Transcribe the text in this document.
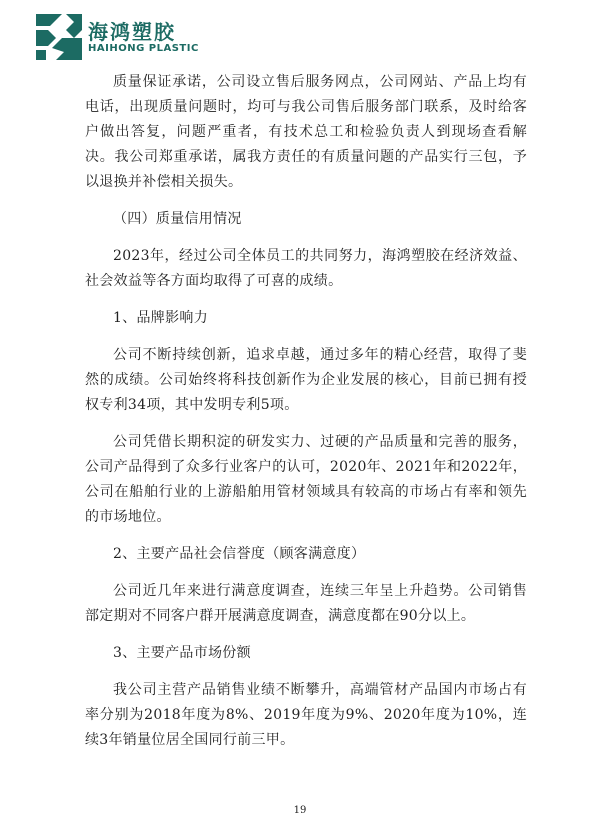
海鸿塑胶
HAIHONG PLASTIC

质量保证承诺，公司设立售后服务网点，公司网站、产品上均有电话，出现质量问题时，均可与我公司售后服务部门联系，及时给客户做出答复，问题严重者，有技术总工和检验负责人到现场查看解决。我公司郑重承诺，属我方责任的有质量问题的产品实行三包，予以退换并补偿相关损失。

（四）质量信用情况

2023年，经过公司全体员工的共同努力，海鸿塑胶在经济效益、社会效益等各方面均取得了可喜的成绩。

1、品牌影响力

公司不断持续创新，追求卓越，通过多年的精心经营，取得了斐然的成绩。公司始终将科技创新作为企业发展的核心，目前已拥有授权专利34项，其中发明专利5项。

公司凭借长期积淀的研发实力、过硬的产品质量和完善的服务，公司产品得到了众多行业客户的认可，2020年、2021年和2022年，公司在船舶行业的上游船舶用管材领域具有较高的市场占有率和领先的市场地位。

2、主要产品社会信誉度（顾客满意度）

公司近几年来进行满意度调查，连续三年呈上升趋势。公司销售部定期对不同客户群开展满意度调查，满意度都在90分以上。

3、主要产品市场份额

我公司主营产品销售业绩不断攀升，高端管材产品国内市场占有率分别为2018年度为8%、2019年度为9%、2020年度为10%，连续3年销量位居全国同行前三甲。

19
